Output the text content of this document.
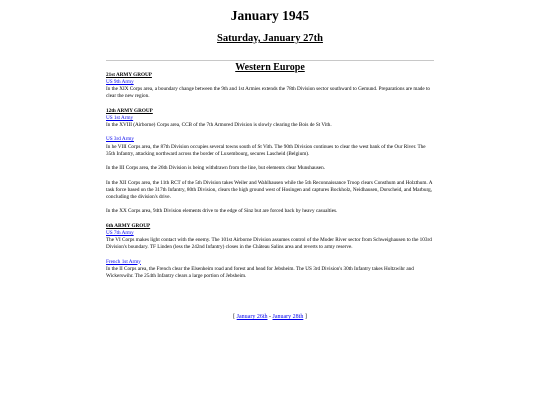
January 1945
Saturday, January 27th
Western Europe
21st ARMY GROUP
US 9th Army

In the XIX Corps area, a boundary change between the 9th and 1st Armies extends the 78th Division sector southward to Gemund. Preparations are made to clear the new region.

12th ARMY GROUP
US 1st Army

In the XVIII (Airborne) Corps area, CCB of the 7th Armored Division is slowly clearing the Bois de St Vith.

US 3rd Army

In he VIII Corps area, the 87th Division occupies several towns south of St Vith. The 90th Division continues to clear the west bank of the Our River. The 35th Infantry, attacking northward across the border of Luxembourg, secures Lascheid (Belgium).

In the III Corps area, the 26th Division is being withdrawn from the line, but elements clear Munshausen.

In the XII Corps area, the 11th RCT of the 5th Division takes Weiler and Wahlhausen while the 5th Reconnaissance Troop clears Consthum and Holzthum. A task force based on the 317th Infantry, 80th Division, clears the high ground west of Hosingen and captures Bockholz, Neidhausen, Dorscheid, and Marburg, concluding the division's drive.

In the XX Corps area, 94th Division elements drive to the edge of Sinz but are forced back by heavy casualties.

6th ARMY GROUP
US 7th Army

The VI Corps makes light contact with the enemy. The 101st Airborne Division assumes control of the Moder River sector from Schweighausen to the 103rd Division's boundary. TF Linden (less the 242nd Infantry) closes in the Château Salins area and reverts to army reserve.

French 1st Army

In the II Corps area, the French clear the Elsenheim road and forest and head for Jebsheim. The US 3rd Division's 30th Infantry takes Holtzwihr and Wickerswihr. The 254th Infantry clears a large portion of Jebsheim.

[ January 26th - January 28th ]
